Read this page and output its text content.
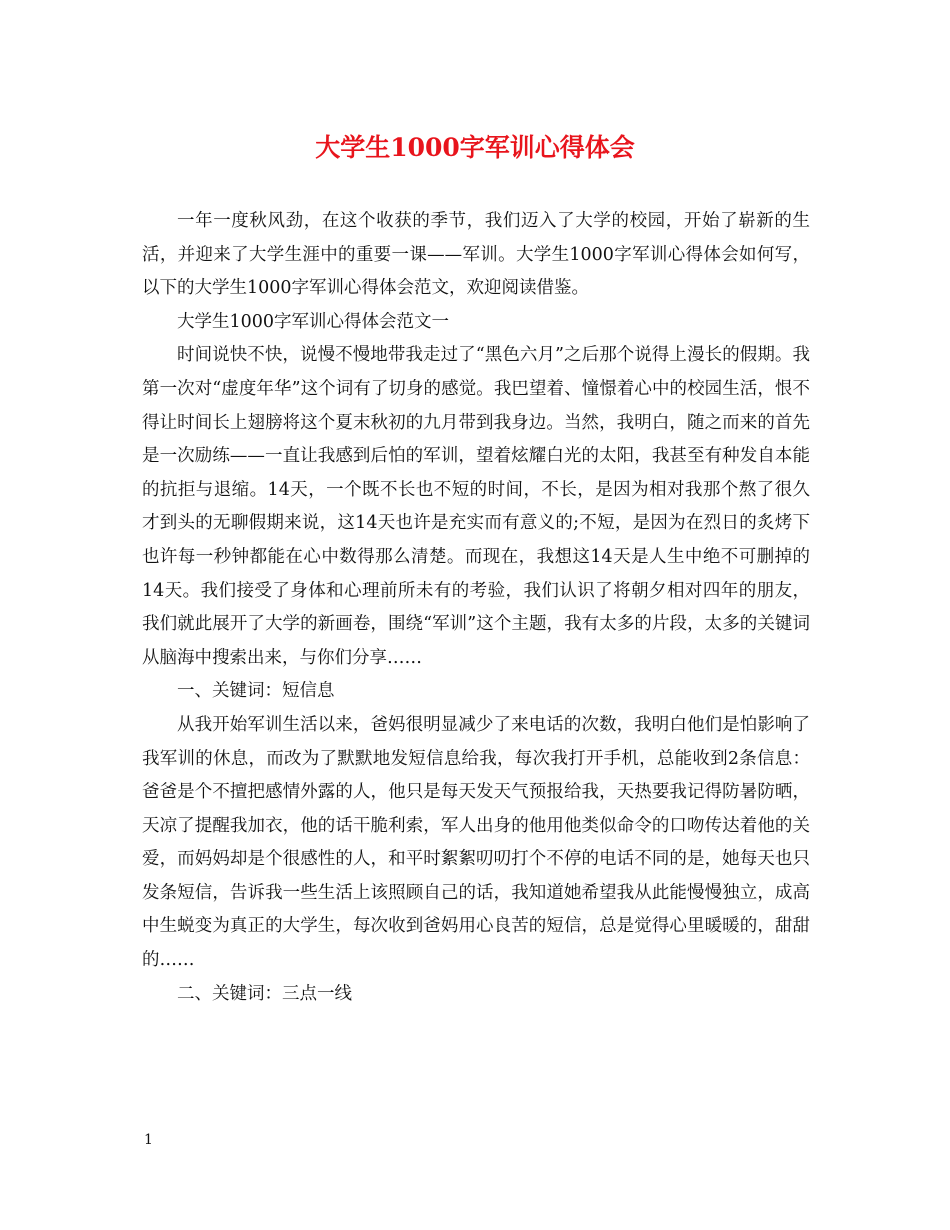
大学生1000字军训心得体会

一年一度秋风劲，在这个收获的季节，我们迈入了大学的校园，开始了崭新的生活，并迎来了大学生涯中的重要一课——军训。大学生1000字军训心得体会如何写，以下的大学生1000字军训心得体会范文，欢迎阅读借鉴。

大学生1000字军训心得体会范文一

时间说快不快，说慢不慢地带我走过了“黑色六月”之后那个说得上漫长的假期。我第一次对“虚度年华”这个词有了切身的感觉。我巴望着、憧憬着心中的校园生活，恨不得让时间长上翅膀将这个夏末秋初的九月带到我身边。当然，我明白，随之而来的首先是一次励练——一直让我感到后怕的军训，望着炫耀白光的太阳，我甚至有种发自本能的抗拒与退缩。14天，一个既不长也不短的时间，不长，是因为相对我那个熬了很久才到头的无聊假期来说，这14天也许是充实而有意义的;不短，是因为在烈日的炙烤下也许每一秒钟都能在心中数得那么清楚。而现在，我想这14天是人生中绝不可删掉的14天。我们接受了身体和心理前所未有的考验，我们认识了将朝夕相对四年的朋友，我们就此展开了大学的新画卷，围绕“军训”这个主题，我有太多的片段，太多的关键词从脑海中搜索出来，与你们分享……

一、关键词：短信息

从我开始军训生活以来，爸妈很明显减少了来电话的次数，我明白他们是怕影响了我军训的休息，而改为了默默地发短信息给我，每次我打开手机，总能收到2条信息：爸爸是个不擅把感情外露的人，他只是每天发天气预报给我，天热要我记得防暑防晒，天凉了提醒我加衣，他的话干脆利索，军人出身的他用他类似命令的口吻传达着他的关爱，而妈妈却是个很感性的人，和平时絮絮叨叨打个不停的电话不同的是，她每天也只发条短信，告诉我一些生活上该照顾自己的话，我知道她希望我从此能慢慢独立，成高中生蜕变为真正的大学生，每次收到爸妈用心良苦的短信，总是觉得心里暖暖的，甜甜的……

二、关键词：三点一线

1
